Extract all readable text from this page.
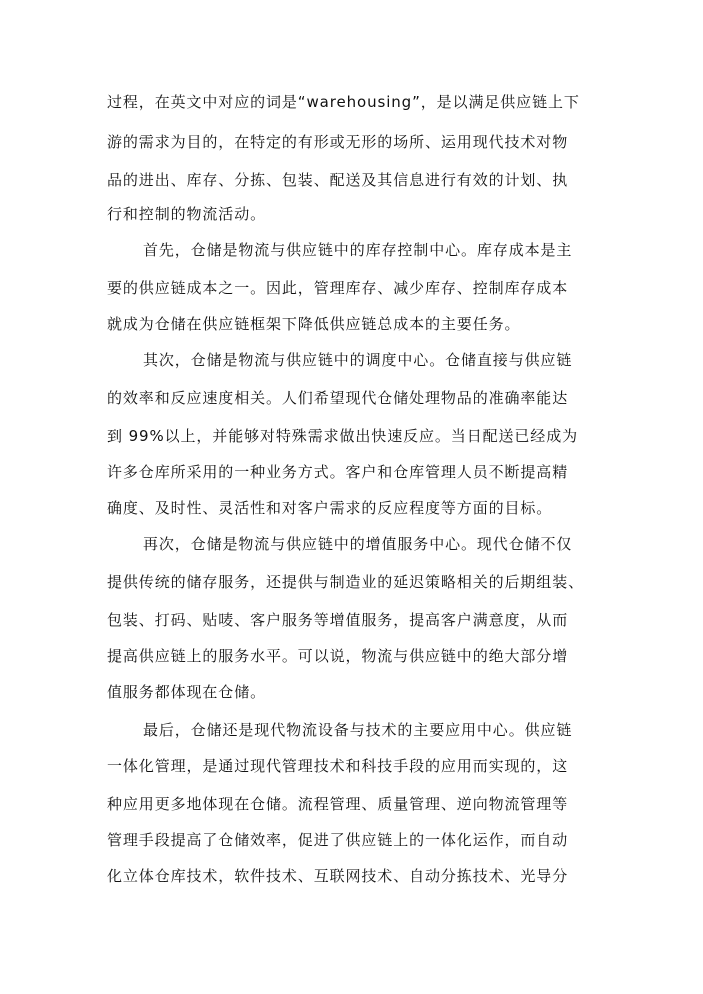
过程，在英文中对应的词是“warehousing”，是以满足供应链上下
游的需求为目的，在特定的有形或无形的场所、运用现代技术对物
品的进出、库存、分拣、包装、配送及其信息进行有效的计划、执
行和控制的物流活动。
首先，仓储是物流与供应链中的库存控制中心。库存成本是主
要的供应链成本之一。因此，管理库存、减少库存、控制库存成本
就成为仓储在供应链框架下降低供应链总成本的主要任务。
其次，仓储是物流与供应链中的调度中心。仓储直接与供应链
的效率和反应速度相关。人们希望现代仓储处理物品的准确率能达
到 99%以上，并能够对特殊需求做出快速反应。当日配送已经成为
许多仓库所采用的一种业务方式。客户和仓库管理人员不断提高精
确度、及时性、灵活性和对客户需求的反应程度等方面的目标。
再次，仓储是物流与供应链中的增值服务中心。现代仓储不仅
提供传统的储存服务，还提供与制造业的延迟策略相关的后期组装、
包装、打码、贴唛、客户服务等增值服务，提高客户满意度，从而
提高供应链上的服务水平。可以说，物流与供应链中的绝大部分增
值服务都体现在仓储。
最后，仓储还是现代物流设备与技术的主要应用中心。供应链
一体化管理，是通过现代管理技术和科技手段的应用而实现的，这
种应用更多地体现在仓储。流程管理、质量管理、逆向物流管理等
管理手段提高了仓储效率，促进了供应链上的一体化运作，而自动
化立体仓库技术，软件技术、互联网技术、自动分拣技术、光导分
